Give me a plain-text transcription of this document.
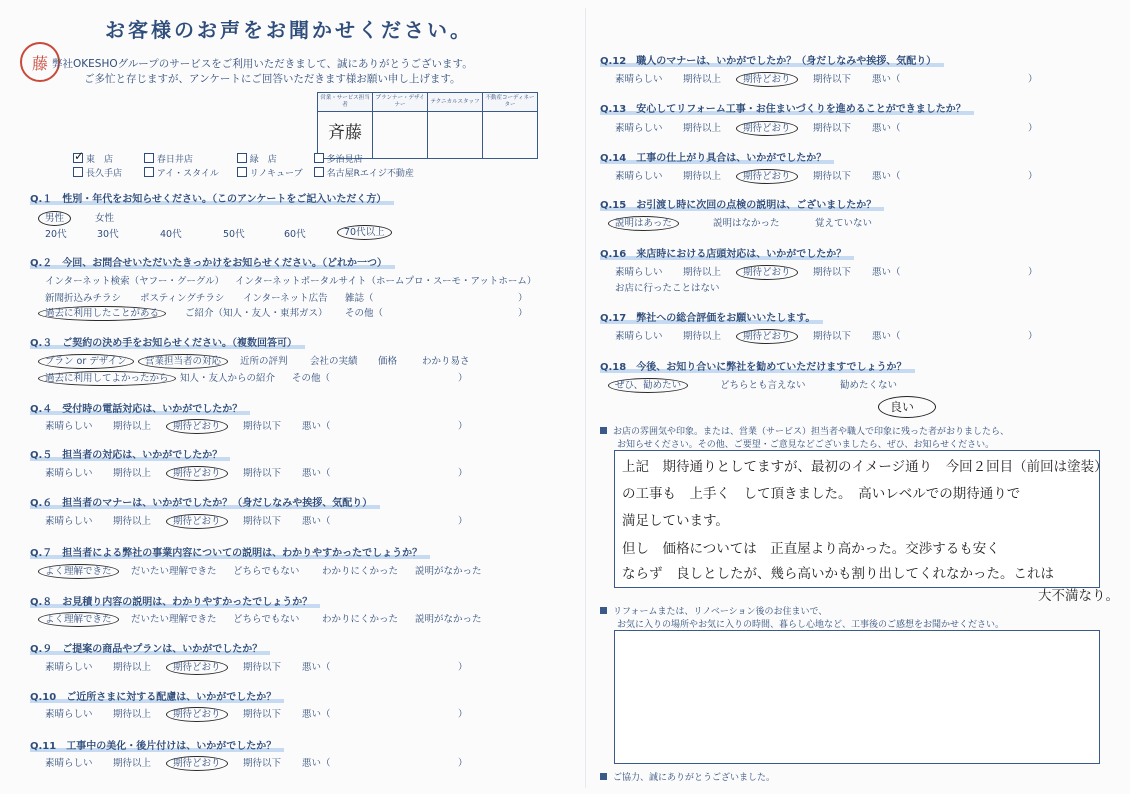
お客様のお声をお聞かせください。
藤 弊社OKESHOグループのサービスをご利用いただきまして、誠にありがとうございます。
ご多忙と存じますが、アンケートにご回答いただきます様お願い申し上げます。
営業・サービス担当者	プランナー・デザイナー	テクニカルスタッフ	不動産コーディネーター
斉藤			
✓ 東　店	春日井店	緑　店	多治見店
長久手店	アイ・スタイル	リノキューブ	名古屋Rエイジ不動産
Q.１　性別・年代をお知らせください。（このアンケートをご記入いただく方）
男性	女性
20代	30代	40代	50代	60代	70代以上
Q.２　今回、お問合せいただいたきっかけをお知らせください。（どれか一つ）
インターネット検索（ヤフー・グーグル） インターネットポータルサイト（ホームプロ・スーモ・アットホーム）
新聞折込みチラシ ポスティングチラシ インターネット広告 雑誌（	）
過去に利用したことがある	ご紹介（知人・友人・東邦ガス） その他（	）
Q.３　ご契約の決め手をお知らせください。（複数回答可）
プラン or デザイン 営業担当者の対応 近所の評判 会社の実績 価格	わかり易さ
過去に利用してよかったから 知人・友人からの紹介 その他（	）
Q.４　受付時の電話対応は、いかがでしたか？
素晴らしい 期待以上 期待どおり 期待以下 悪い（	）
Q.５　担当者の対応は、いかがでしたか？
素晴らしい 期待以上 期待どおり 期待以下 悪い（	）
Q.６　担当者のマナーは、いかがでしたか？（身だしなみや挨拶、気配り）
素晴らしい 期待以上 期待どおり 期待以下 悪い（	）
Q.７　担当者による弊社の事業内容についての説明は、わかりやすかったでしょうか？
よく理解できた だいたい理解できた どちらでもない わかりにくかった 説明がなかった
Q.８　お見積り内容の説明は、わかりやすかったでしょうか？
よく理解できた だいたい理解できた どちらでもない わかりにくかった 説明がなかった
Q.９　ご提案の商品やプランは、いかがでしたか？
素晴らしい 期待以上 期待どおり 期待以下 悪い（	）
Q.10　ご近所さまに対する配慮は、いかがでしたか？
素晴らしい 期待以上 期待どおり 期待以下 悪い（	）
Q.11　工事中の美化・後片付けは、いかがでしたか？
素晴らしい 期待以上 期待どおり 期待以下 悪い（	）
Q.12　職人のマナーは、いかがでしたか？（身だしなみや挨拶、気配り）
素晴らしい 期待以上 期待どおり 期待以下 悪い（	）
Q.13　安心してリフォーム工事・お住まいづくりを進めることができましたか？
素晴らしい 期待以上 期待どおり 期待以下 悪い（	）
Q.14　工事の仕上がり具合は、いかがでしたか？
素晴らしい 期待以上 期待どおり 期待以下 悪い（	）
Q.15　お引渡し時に次回の点検の説明は、ございましたか？
説明はあった	説明はなかった	覚えていない
Q.16　来店時における店頭対応は、いかがでしたか？
素晴らしい 期待以上 期待どおり 期待以下 悪い（	）
お店に行ったことはない
Q.17　弊社への総合評価をお願いいたします。
素晴らしい 期待以上 期待どおり 期待以下 悪い（	）
Q.18　今後、お知り合いに弊社を勧めていただけますでしょうか？
ぜひ、勧めたい	どちらとも言えない	勧めたくない
良い
お店の雰囲気や印象。または、営業（サービス）担当者や職人で印象に残った者がおりましたら、
お知らせください。その他、ご要望・ご意見などございましたら、ぜひ、お知らせください。
上記　期待通りとしてますが、最初のイメージ通り　今回２回目（前回は塗装）
の工事も　上手く　して頂きました。　高いレベルでの期待通りで
満足しています。
但し　価格については　正直屋より高かった。交渉するも安く
ならず　良しとしたが、幾ら高いかも割り出してくれなかった。これは
大不満なり。
リフォームまたは、リノベーション後のお住まいで、
お気に入りの場所やお気に入りの時間、暮らし心地など、工事後のご感想をお聞かせください。
ご協力、誠にありがとうございました。
